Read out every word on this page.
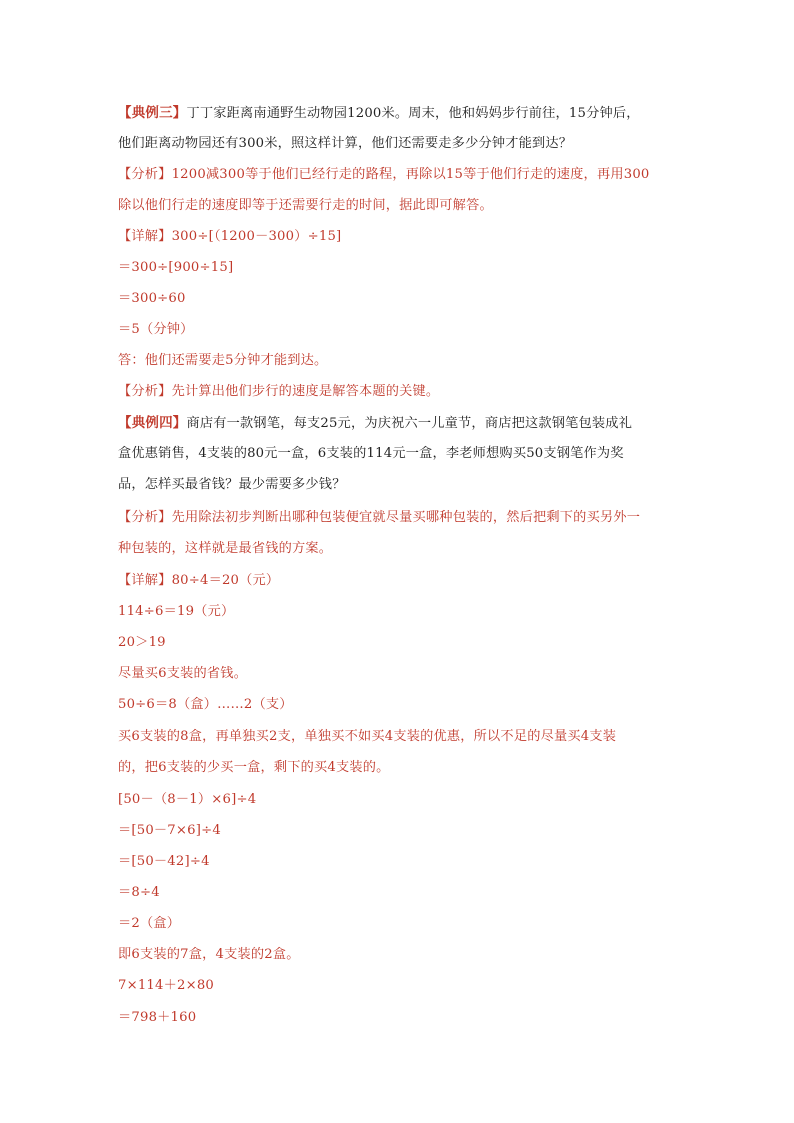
【典例三】丁丁家距离南通野生动物园1200米。周末，他和妈妈步行前往，15分钟后，
他们距离动物园还有300米，照这样计算，他们还需要走多少分钟才能到达？
【分析】1200减300等于他们已经行走的路程，再除以15等于他们行走的速度，再用300
除以他们行走的速度即等于还需要行走的时间，据此即可解答。
【详解】300÷[（1200－300）÷15]
＝300÷[900÷15]
＝300÷60
＝5（分钟）
答：他们还需要走5分钟才能到达。
【分析】先计算出他们步行的速度是解答本题的关键。
【典例四】商店有一款钢笔，每支25元，为庆祝六一儿童节，商店把这款钢笔包装成礼
盒优惠销售，4支装的80元一盒，6支装的114元一盒，李老师想购买50支钢笔作为奖
品，怎样买最省钱？最少需要多少钱？
【分析】先用除法初步判断出哪种包装便宜就尽量买哪种包装的，然后把剩下的买另外一
种包装的，这样就是最省钱的方案。
【详解】80÷4＝20（元）
114÷6＝19（元）
20＞19
尽量买6支装的省钱。
50÷6＝8（盒）……2（支）
买6支装的8盒，再单独买2支，单独买不如买4支装的优惠，所以不足的尽量买4支装
的，把6支装的少买一盒，剩下的买4支装的。
[50－（8－1）×6]÷4
＝[50－7×6]÷4
＝[50－42]÷4
＝8÷4
＝2（盒）
即6支装的7盒，4支装的2盒。
7×114＋2×80
＝798＋160
